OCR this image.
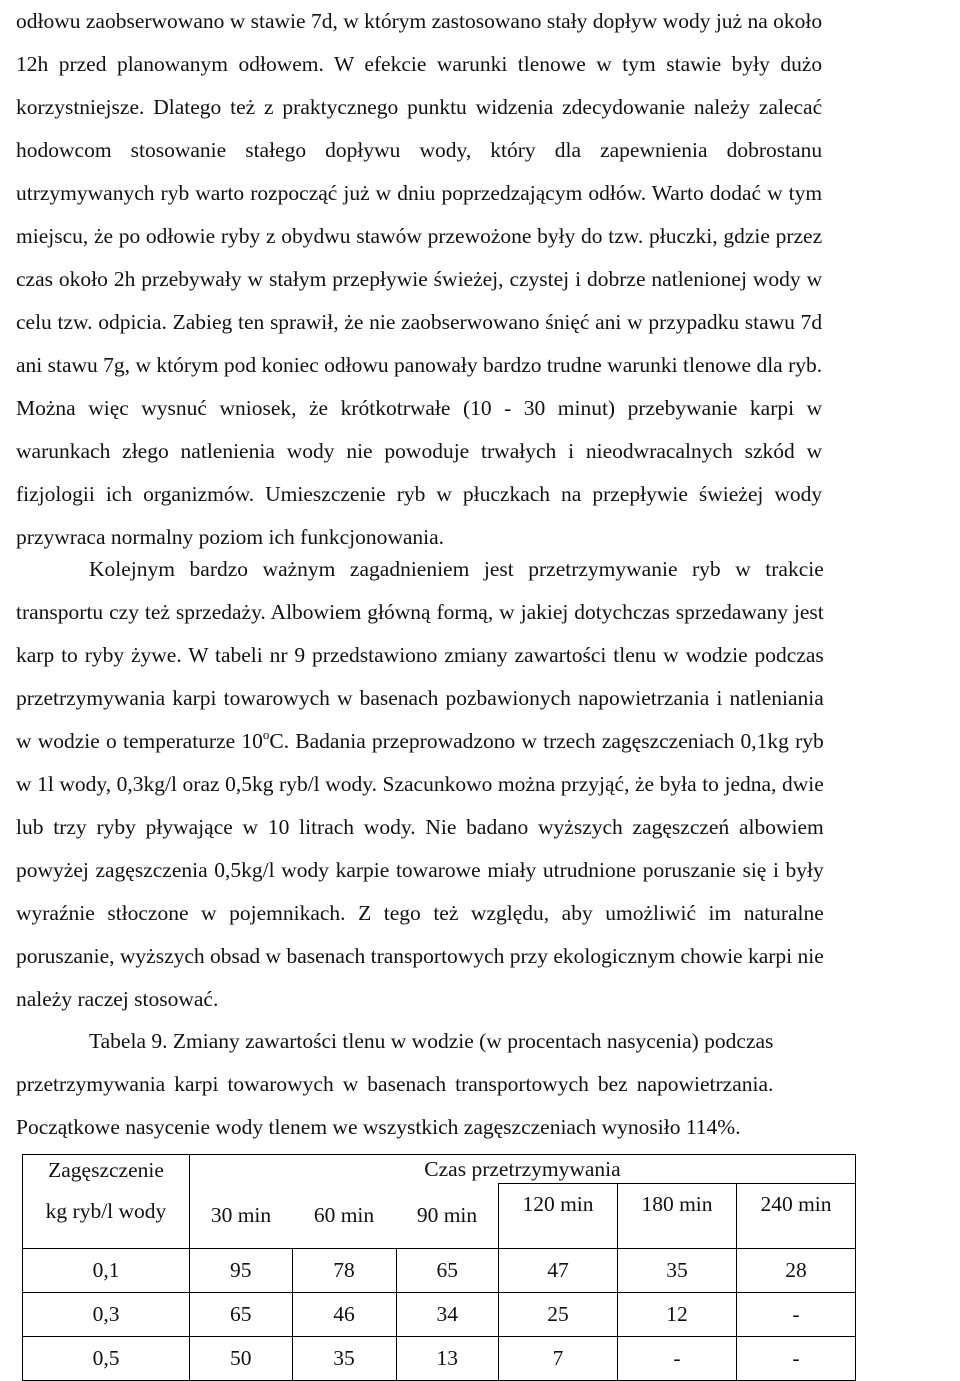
odłowu zaobserwowano w stawie 7d, w którym zastosowano stały dopływ wody już na około
12h przed planowanym odłowem. W efekcie warunki tlenowe w tym stawie były dużo
korzystniejsze. Dlatego też z praktycznego punktu widzenia zdecydowanie należy zalecać
hodowcom stosowanie stałego dopływu wody, który dla zapewnienia dobrostanu
utrzymywanych ryb warto rozpocząć już w dniu poprzedzającym odłów. Warto dodać w tym
miejscu, że po odłowie ryby z obydwu stawów przewożone były do tzw. płuczki, gdzie przez
czas około 2h przebywały w stałym przepływie świeżej, czystej i dobrze natlenionej wody w
celu tzw. odpicia. Zabieg ten sprawił, że nie zaobserwowano śnięć ani w przypadku stawu 7d
ani stawu 7g, w którym pod koniec odłowu panowały bardzo trudne warunki tlenowe dla ryb.
Można więc wysnuć wniosek, że krótkotrwałe (10 - 30 minut) przebywanie karpi w
warunkach złego natlenienia wody nie powoduje trwałych i nieodwracalnych szkód w
fizjologii ich organizmów. Umieszczenie ryb w płuczkach na przepływie świeżej wody
przywraca normalny poziom ich funkcjonowania.
Kolejnym bardzo ważnym zagadnieniem jest przetrzymywanie ryb w trakcie
transportu czy też sprzedaży. Albowiem główną formą, w jakiej dotychczas sprzedawany jest
karp to ryby żywe. W tabeli nr 9 przedstawiono zmiany zawartości tlenu w wodzie podczas
przetrzymywania karpi towarowych w basenach pozbawionych napowietrzania i natleniania
w wodzie o temperaturze 10$^o$C. Badania przeprowadzono w trzech zagęszczeniach 0,1kg ryb
w 1l wody, 0,3kg/l oraz 0,5kg ryb/l wody. Szacunkowo można przyjąć, że była to jedna, dwie
lub trzy ryby pływające w 10 litrach wody. Nie badano wyższych zagęszczeń albowiem
powyżej zagęszczenia 0,5kg/l wody karpie towarowe miały utrudnione poruszanie się i były
wyraźnie stłoczone w pojemnikach. Z tego też względu, aby umożliwić im naturalne
poruszanie, wyższych obsad w basenach transportowych przy ekologicznym chowie karpi nie
należy raczej stosować.
Tabela 9. Zmiany zawartości tlenu w wodzie (w procentach nasycenia) podczas
przetrzymywania karpi towarowych w basenach transportowych bez napowietrzania.
Początkowe nasycenie wody tlenem we wszystkich zagęszczeniach wynosiło 114%.
Zagęszczenie
kg ryb/l wody	Czas przetrzymywania					
	30 min	60 min	90 min	120 min	180 min	240 min
0,1	95	78	65	47	35	28
0,3	65	46	34	25	12	-
0,5	50	35	13	7	-	-
